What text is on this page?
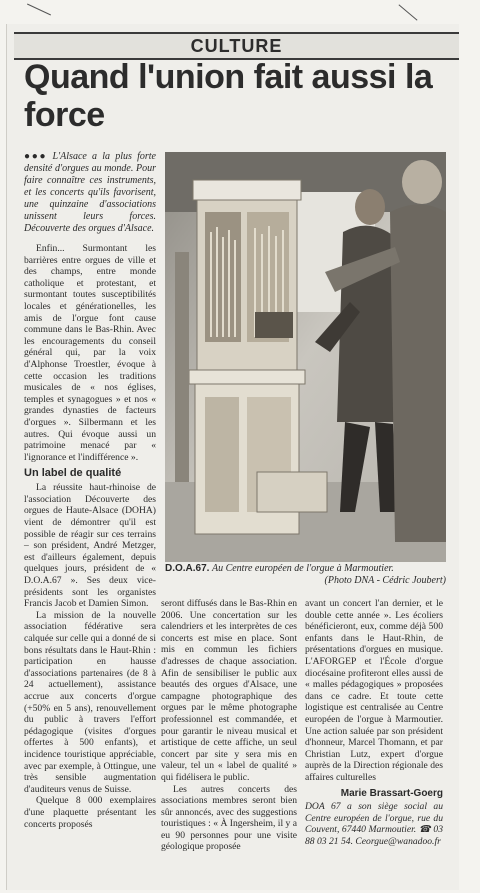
CULTURE
Quand l'union fait aussi la force

●●● L'Alsace a la plus forte densité d'orgues au monde. Pour faire connaître ces instruments, et les concerts qu'ils favorisent, une quinzaine d'associations unissent leurs forces. Découverte des orgues d'Alsace.

Enfin... Surmontant les barrières entre orgues de ville et des champs, entre monde catholique et protestant, et surmontant toutes susceptibilités locales et générationelles, les amis de l'orgue font cause commune dans le Bas-Rhin. Avec les encouragements du conseil général qui, par la voix d'Alphonse Troestler, évoque à cette occasion les traditions musicales de « nos églises, temples et synagogues » et nos « grandes dynasties de facteurs d'orgues ». Silbermann et les autres. Qui évoque aussi un patrimoine menacé par « l'ignorance et l'indifférence ».

Un label de qualité

La réussite haut-rhinoise de l'association Découverte des orgues de Haute-Alsace (DOHA) vient de démontrer qu'il est possible de réagir sur ces terrains – son président, André Metzger, est d'ailleurs également, depuis quelques jours, président de « D.O.A.67 ». Ses deux vice-présidents sont les organistes Francis Jacob et Damien Simon.

La mission de la nouvelle association fédérative sera calquée sur celle qui a donné de si bons résultats dans le Haut-Rhin : participation en hausse d'associations partenaires (de 8 à 24 actuellement), assistance accrue aux concerts d'orgue (+50% en 5 ans), renouvellement du public à travers l'effort pédagogique (visites d'orgues offertes à 500 enfants), et incidence touristique appréciable, avec par exemple, à Ottingue, une très sensible augmentation d'auditeurs venus de Suisse.

Quelque 8 000 exemplaires d'une plaquette présentant les concerts proposés

D.O.A.67. Au Centre européen de l'orgue à Marmoutier.
(Photo DNA - Cédric Joubert)

seront diffusés dans le Bas-Rhin en 2006. Une concertation sur les calendriers et les interprètes de ces concerts est mise en place. Sont mis en commun les fichiers d'adresses de chaque association. Afin de sensibiliser le public aux beautés des orgues d'Alsace, une campagne photographique des orgues par le même photographe professionnel est commandée, et pour garantir le niveau musical et artistique de cette affiche, un seul concert par site y sera mis en valeur, tel un « label de qualité » qui fidélisera le public.

Les autres concerts des associations membres seront bien sûr annoncés, avec des suggestions touristiques : « À Ingersheim, il y a eu 90 personnes pour une visite géologique proposée

avant un concert l'an dernier, et le double cette année ». Les écoliers bénéficieront, eux, comme déjà 500 enfants dans le Haut-Rhin, de présentations d'orgues en musique. L'AFORGEP et l'École d'orgue diocésaine profiteront elles aussi de « malles pédagogiques » proposées dans ce cadre. Et toute cette logistique est centralisée au Centre européen de l'orgue à Marmoutier. Une action saluée par son président d'honneur, Marcel Thomann, et par Christian Lutz, expert d'orgue auprès de la Direction régionale des affaires culturelles

Marie Brassart-Goerg
DOA 67 a son siège social au Centre européen de l'orgue, rue du Couvent, 67440 Marmoutier. ☎ 03 88 03 21 54. Ceorgue@wanadoo.fr
